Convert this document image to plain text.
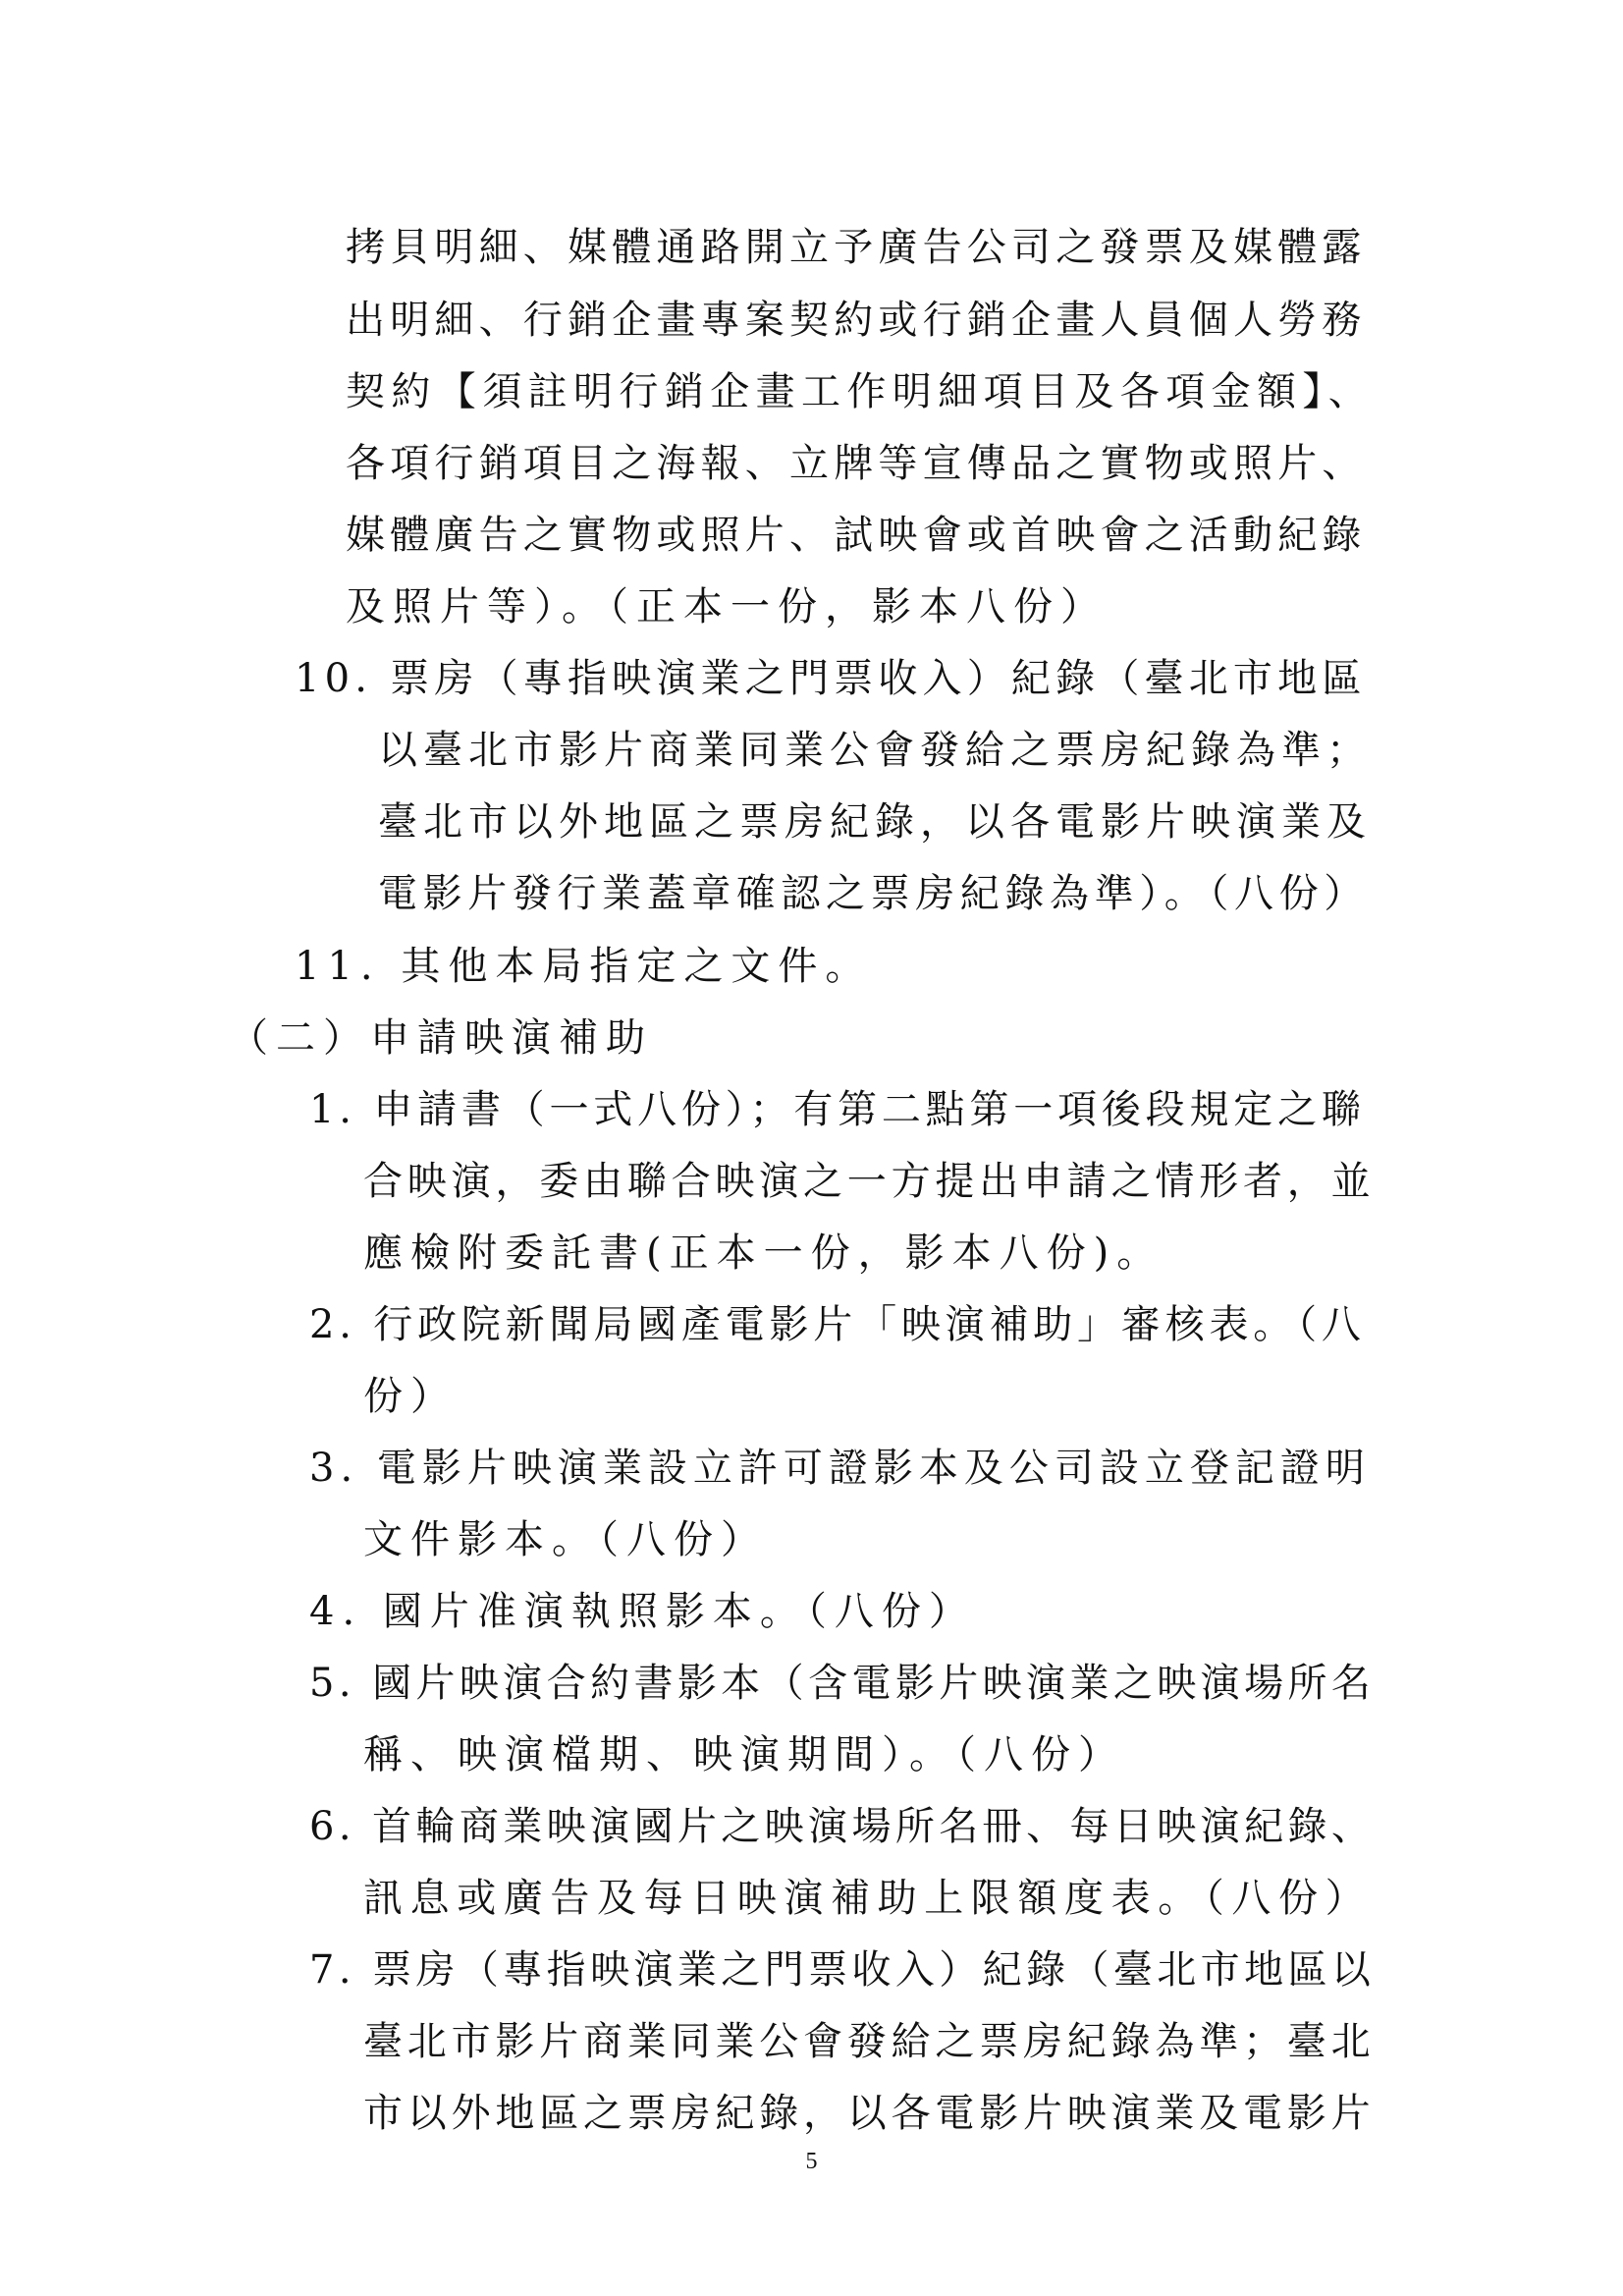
拷貝明細、媒體通路開立予廣告公司之發票及媒體露
出明細、行銷企畫專案契約或行銷企畫人員個人勞務
契約【須註明行銷企畫工作明細項目及各項金額】、
各項行銷項目之海報、立牌等宣傳品之實物或照片、
媒體廣告之實物或照片、試映會或首映會之活動紀錄
及照片等）。（正本一份，影本八份）
10. 票房（專指映演業之門票收入）紀錄（臺北市地區
以臺北市影片商業同業公會發給之票房紀錄為準；
臺北市以外地區之票房紀錄，以各電影片映演業及
電影片發行業蓋章確認之票房紀錄為準）。（八份）
11. 其他本局指定之文件。
（二）申請映演補助
1. 申請書（一式八份）；有第二點第一項後段規定之聯
合映演，委由聯合映演之一方提出申請之情形者，並
應檢附委託書(正本一份，影本八份)。
2. 行政院新聞局國產電影片「映演補助」審核表。（八
份）
3. 電影片映演業設立許可證影本及公司設立登記證明
文件影本。（八份）
4. 國片准演執照影本。（八份）
5. 國片映演合約書影本（含電影片映演業之映演場所名
稱、映演檔期、映演期間）。（八份）
6. 首輪商業映演國片之映演場所名冊、每日映演紀錄、
訊息或廣告及每日映演補助上限額度表。（八份）
7. 票房（專指映演業之門票收入）紀錄（臺北市地區以
臺北市影片商業同業公會發給之票房紀錄為準；臺北
市以外地區之票房紀錄，以各電影片映演業及電影片
5
